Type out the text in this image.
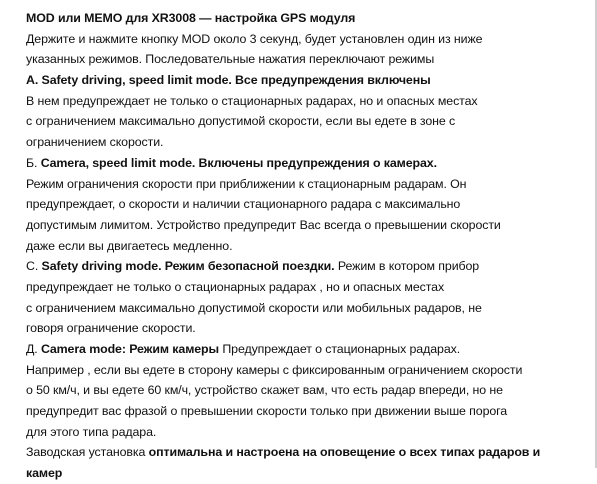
MOD или MEMO для XR3008 — настройка GPS модуля
Держите и нажмите кнопку MOD около 3 секунд, будет установлен один из ниже
указанных режимов. Последовательные нажатия переключают режимы
А. Safety driving, speed limit mode. Все предупреждения включены
В нем предупреждает не только о стационарных радарах, но и опасных местах
с ограничением максимально допустимой скорости, если вы едете в зоне с
ограничением скорости.
Б. Camera, speed limit mode. Включены предупреждения о камерах.
Режим ограничения скорости при приближении к стационарным радарам. Он
предупреждает, о скорости и наличии стационарного радара с максимально
допустимым лимитом. Устройство предупредит Вас всегда о превышении скорости
даже если вы двигаетесь медленно.
С. Safety driving mode. Режим безопасной поездки. Режим в котором прибор
предупреждает не только о стационарных радарах , но и опасных местах
с ограничением максимально допустимой скорости или мобильных радаров, не
говоря ограничение скорости.
Д. Camera mode: Режим камеры Предупреждает о стационарных радарах.
Например , если вы едете в сторону камеры с фиксированным ограничением скорости
о 50 км/ч, и вы едете 60 км/ч, устройство скажет вам, что есть радар впереди, но не
предупредит вас фразой о превышении скорости только при движении выше порога
для этого типа радара.
Заводская установка оптимальна и настроена на оповещение о всех типах радаров и
камер
